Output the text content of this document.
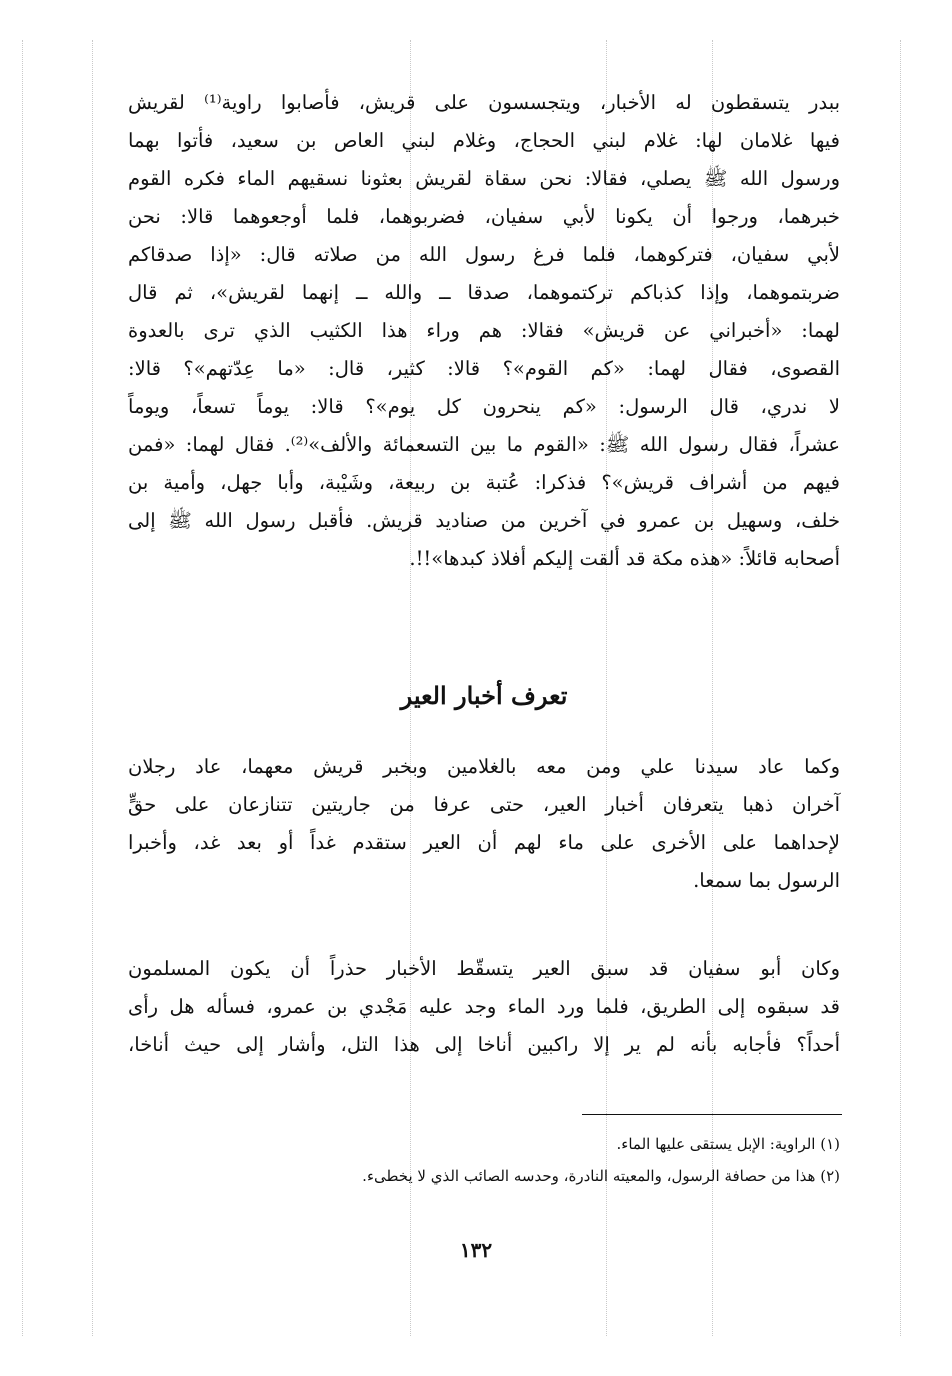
ببدر يتسقطون له الأخبار، ويتجسسون على قريش، فأصابوا راوية⁽¹⁾ لقريش
فيها غلامان لها: غلام لبني الحجاج، وغلام لبني العاص بن سعيد، فأتوا بهما
ورسول الله ﷺ يصلي، فقالا: نحن سقاة لقريش بعثونا نسقيهم الماء فكره القوم
خبرهما، ورجوا أن يكونا لأبي سفيان، فضربوهما، فلما أوجعوهما قالا: نحن
لأبي سفيان، فتركوهما، فلما فرغ رسول الله من صلاته قال: «إذا صدقاكم
ضربتموهما، وإذا كذباكم تركتموهما، صدقا ــ والله ــ إنهما لقريش»، ثم قال
لهما: «أخبراني عن قريش» فقالا: هم وراء هذا الكثيب الذي ترى بالعدوة
القصوى، فقال لهما: «كم القوم»؟ قالا: كثير، قال: «ما عِدّتهم»؟ قالا:
لا ندري، قال الرسول: «كم ينحرون كل يوم»؟ قالا: يوماً تسعاً، ويوماً
عشراً، فقال رسول الله ﷺ: «القوم ما بين التسعمائة والألف»⁽²⁾. فقال لهما: «فمن
فيهم من أشراف قريش»؟ فذكرا: عُتبة بن ربيعة، وشَيْبة، وأبا جهل، وأمية بن
خلف، وسهيل بن عمرو في آخرين من صناديد قريش. فأقبل رسول الله ﷺ إلى
أصحابه قائلاً: «هذه مكة قد ألقت إليكم أفلاذ كبدها»!!.
تعرف أخبار العير
وكما عاد سيدنا علي ومن معه بالغلامين وبخبر قريش معهما، عاد رجلان
آخران ذهبا يتعرفان أخبار العير، حتى عرفا من جاريتين تتنازعان على حقٍّ
لإحداهما على الأخرى على ماء لهم أن العير ستقدم غداً أو بعد غد، وأخبرا
الرسول بما سمعا.
وكان أبو سفيان قد سبق العير يتسقّط الأخبار حذراً أن يكون المسلمون
قد سبقوه إلى الطريق، فلما ورد الماء وجد عليه مَجْدي بن عمرو، فسأله هل رأى
أحداً؟ فأجابه بأنه لم ير إلا راكبين أناخا إلى هذا التل، وأشار إلى حيث أناخا،
(١) الراوية: الإبل يستقى عليها الماء.
(٢) هذا من حصافة الرسول، والمعيته النادرة، وحدسه الصائب الذي لا يخطىء.
١٣٢
